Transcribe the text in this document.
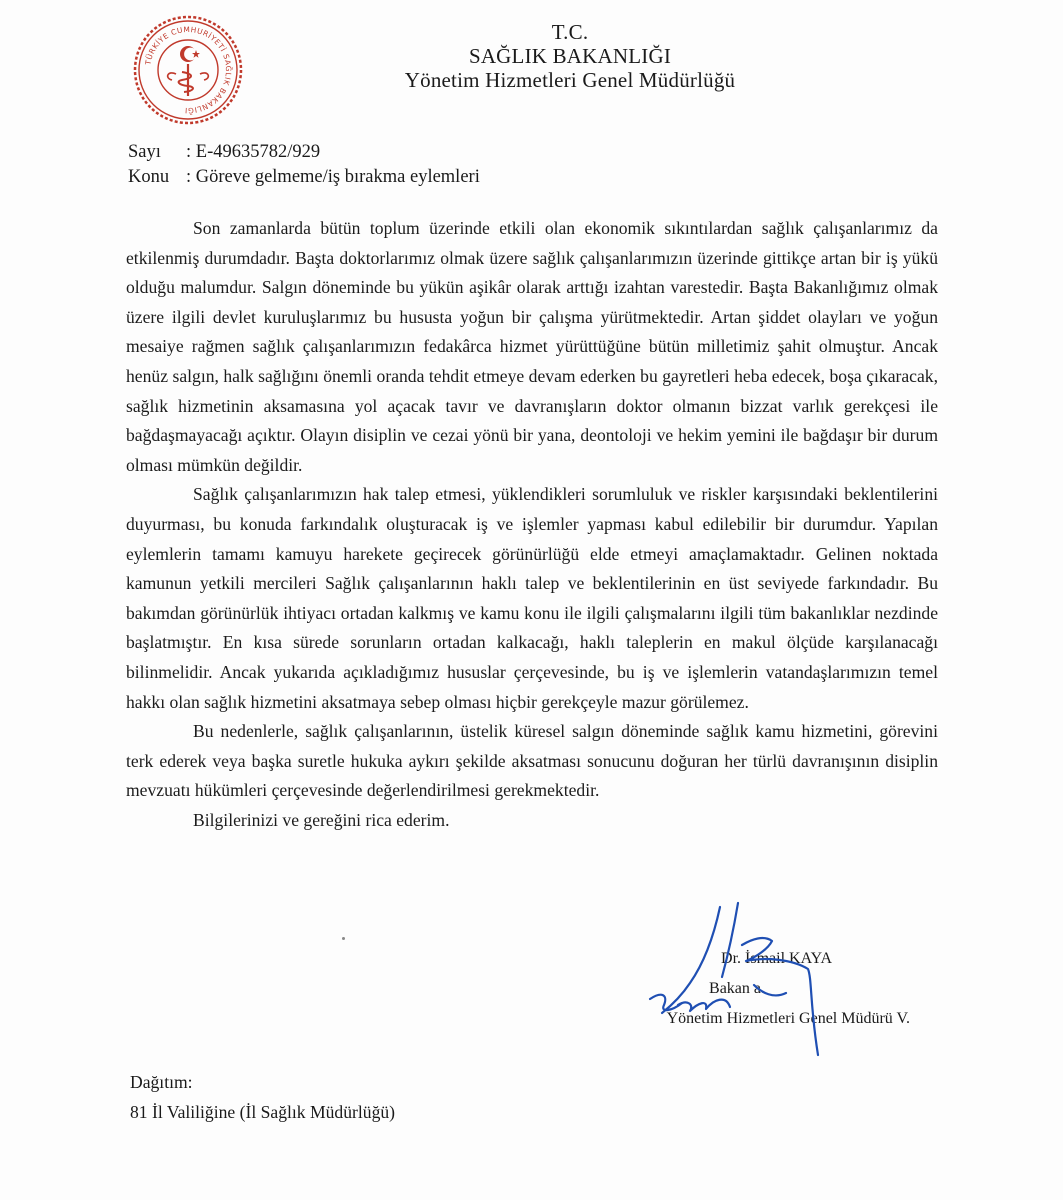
TÜRKİYE CUMHURİYETİ SAĞLIK BAKANLIĞI
T.C.
SAĞLIK BAKANLIĞI
Yönetim Hizmetleri Genel Müdürlüğü
Sayı	: E-49635782/929
Konu : Göreve gelmeme/iş bırakma eylemleri

Son zamanlarda bütün toplum üzerinde etkili olan ekonomik sıkıntılardan sağlık çalışanlarımız da etkilenmiş durumdadır. Başta doktorlarımız olmak üzere sağlık çalışanlarımızın üzerinde gittikçe artan bir iş yükü olduğu malumdur. Salgın döneminde bu yükün aşikâr olarak arttığı izahtan varestedir. Başta Bakanlığımız olmak üzere ilgili devlet kuruluşlarımız bu hususta yoğun bir çalışma yürütmektedir. Artan şiddet olayları ve yoğun mesaiye rağmen sağlık çalışanlarımızın fedakârca hizmet yürüttüğüne bütün milletimiz şahit olmuştur. Ancak henüz salgın, halk sağlığını önemli oranda tehdit etmeye devam ederken bu gayretleri heba edecek, boşa çıkaracak, sağlık hizmetinin aksamasına yol açacak tavır ve davranışların doktor olmanın bizzat varlık gerekçesi ile bağdaşmayacağı açıktır. Olayın disiplin ve cezai yönü bir yana, deontoloji ve hekim yemini ile bağdaşır bir durum olması mümkün değildir.

Sağlık çalışanlarımızın hak talep etmesi, yüklendikleri sorumluluk ve riskler karşısındaki beklentilerini duyurması, bu konuda farkındalık oluşturacak iş ve işlemler yapması kabul edilebilir bir durumdur. Yapılan eylemlerin tamamı kamuyu harekete geçirecek görünürlüğü elde etmeyi amaçlamaktadır. Gelinen noktada kamunun yetkili mercileri Sağlık çalışanlarının haklı talep ve beklentilerinin en üst seviyede farkındadır. Bu bakımdan görünürlük ihtiyacı ortadan kalkmış ve kamu konu ile ilgili çalışmalarını ilgili tüm bakanlıklar nezdinde başlatmıştır. En kısa sürede sorunların ortadan kalkacağı, haklı taleplerin en makul ölçüde karşılanacağı bilinmelidir. Ancak yukarıda açıkladığımız hususlar çerçevesinde, bu iş ve işlemlerin vatandaşlarımızın temel hakkı olan sağlık hizmetini aksatmaya sebep olması hiçbir gerekçeyle mazur görülemez.

Bu nedenlerle, sağlık çalışanlarının, üstelik küresel salgın döneminde sağlık kamu hizmetini, görevini terk ederek veya başka suretle hukuka aykırı şekilde aksatması sonucunu doğuran her türlü davranışının disiplin mevzuatı hükümleri çerçevesinde değerlendirilmesi gerekmektedir.

Bilgilerinizi ve gereğini rica ederim.

Dr. İsmail KAYA
Bakan a.
Yönetim Hizmetleri Genel Müdürü V.
Dağıtım:
81 İl Valiliğine (İl Sağlık Müdürlüğü)
